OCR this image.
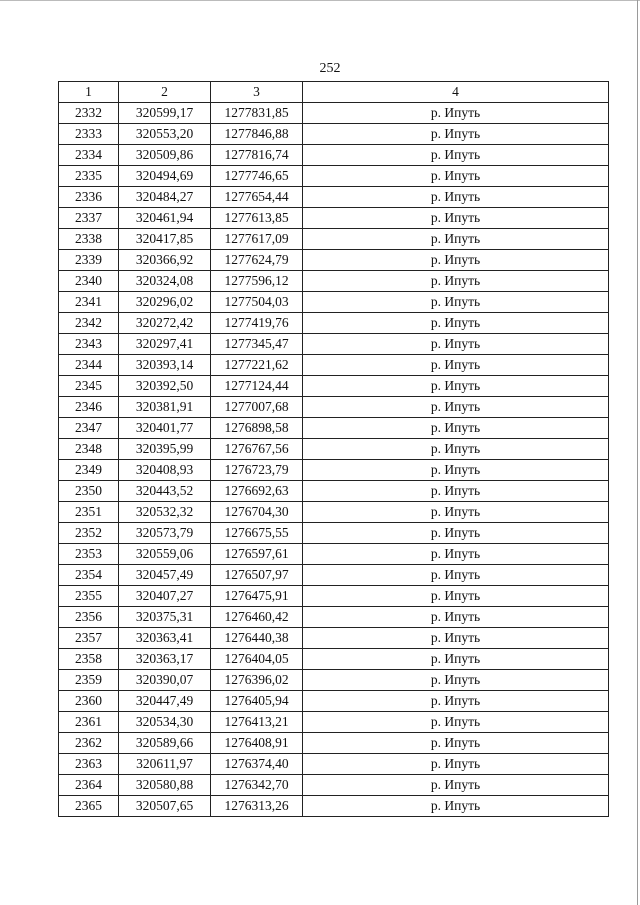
252
1	2	3	4
2332	320599,17	1277831,85	р. Ипуть
2333	320553,20	1277846,88	р. Ипуть
2334	320509,86	1277816,74	р. Ипуть
2335	320494,69	1277746,65	р. Ипуть
2336	320484,27	1277654,44	р. Ипуть
2337	320461,94	1277613,85	р. Ипуть
2338	320417,85	1277617,09	р. Ипуть
2339	320366,92	1277624,79	р. Ипуть
2340	320324,08	1277596,12	р. Ипуть
2341	320296,02	1277504,03	р. Ипуть
2342	320272,42	1277419,76	р. Ипуть
2343	320297,41	1277345,47	р. Ипуть
2344	320393,14	1277221,62	р. Ипуть
2345	320392,50	1277124,44	р. Ипуть
2346	320381,91	1277007,68	р. Ипуть
2347	320401,77	1276898,58	р. Ипуть
2348	320395,99	1276767,56	р. Ипуть
2349	320408,93	1276723,79	р. Ипуть
2350	320443,52	1276692,63	р. Ипуть
2351	320532,32	1276704,30	р. Ипуть
2352	320573,79	1276675,55	р. Ипуть
2353	320559,06	1276597,61	р. Ипуть
2354	320457,49	1276507,97	р. Ипуть
2355	320407,27	1276475,91	р. Ипуть
2356	320375,31	1276460,42	р. Ипуть
2357	320363,41	1276440,38	р. Ипуть
2358	320363,17	1276404,05	р. Ипуть
2359	320390,07	1276396,02	р. Ипуть
2360	320447,49	1276405,94	р. Ипуть
2361	320534,30	1276413,21	р. Ипуть
2362	320589,66	1276408,91	р. Ипуть
2363	320611,97	1276374,40	р. Ипуть
2364	320580,88	1276342,70	р. Ипуть
2365	320507,65	1276313,26	р. Ипуть
